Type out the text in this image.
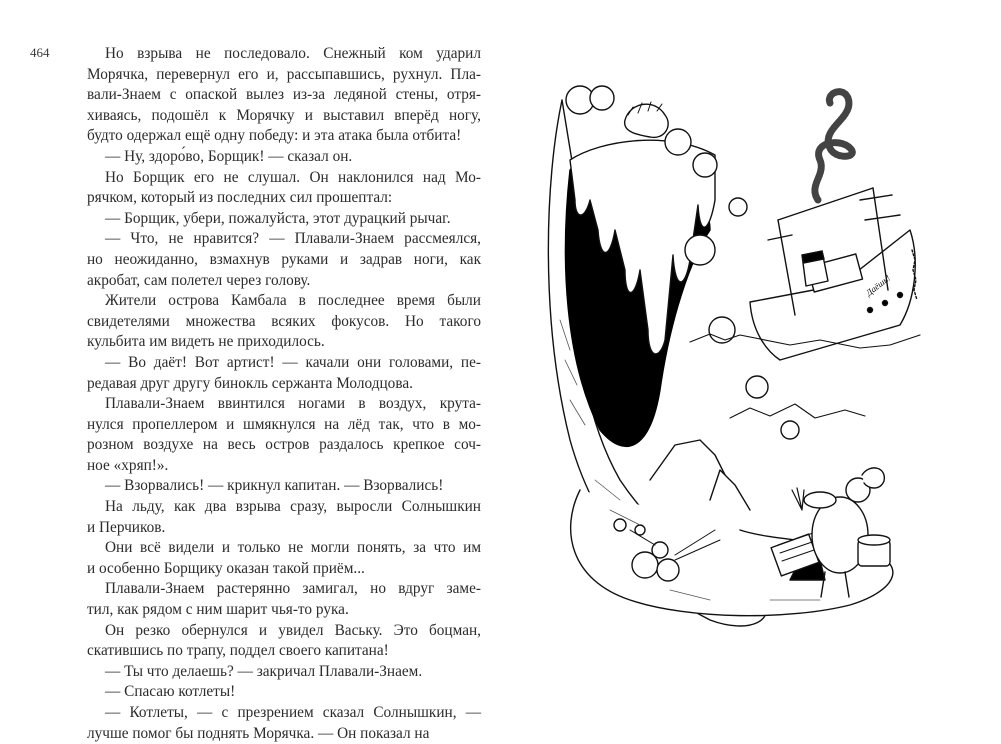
464	Но взрыва не последовало. Снежный ком ударил
Морячка, перевернул его и, рассыпавшись, рухнул. Пла-
вали-Знаем с опаской вылез из-за ледяной стены, отря-
хиваясь, подошёл к Морячку и выставил вперёд ногу,
будто одержал ещё одну победу: и эта атака была отбита!
— Ну, здоро́во, Борщик! — сказал он.
Но Борщик его не слушал. Он наклонился над Мо-
рячком, который из последних сил прошептал:
— Борщик, убери, пожалуйста, этот дурацкий рычаг.
— Что, не нравится? — Плавали-Знаем рассмеялся,
но неожиданно, взмахнув руками и задрав ноги, как
акробат, сам полетел через голову.
Жители острова Камбала в последнее время были
свидетелями множества всяких фокусов. Но такого
кульбита им видеть не приходилось.
— Во даёт! Вот артист! — качали они головами, пе-
редавая друг другу бинокль сержанта Молодцова.
Плавали-Знаем ввинтился ногами в воздух, крута-
нулся пропеллером и шмякнулся на лёд так, что в мо-
розном воздухе на весь остров раздалось крепкое соч-
ное «хряп!».
— Взорвались! — крикнул капитан. — Взорвались!
На льду, как два взрыва сразу, выросли Солнышкин
и Перчиков.
Они всё видели и только не могли понять, за что им
и особенно Борщику оказан такой приём...
Плавали-Знаем растерянно замигал, но вдруг заме-
тил, как рядом с ним шарит чья-то рука.
Он резко обернулся и увидел Ваську. Это боцман,
скатившись по трапу, поддел своего капитана!
— Ты что делаешь? — закричал Плавали-Знаем.
— Спасаю котлеты!
— Котлеты, — с презрением сказал Солнышкин, —
лучше помог бы поднять Морячка. — Он показал на
Даёшь!
